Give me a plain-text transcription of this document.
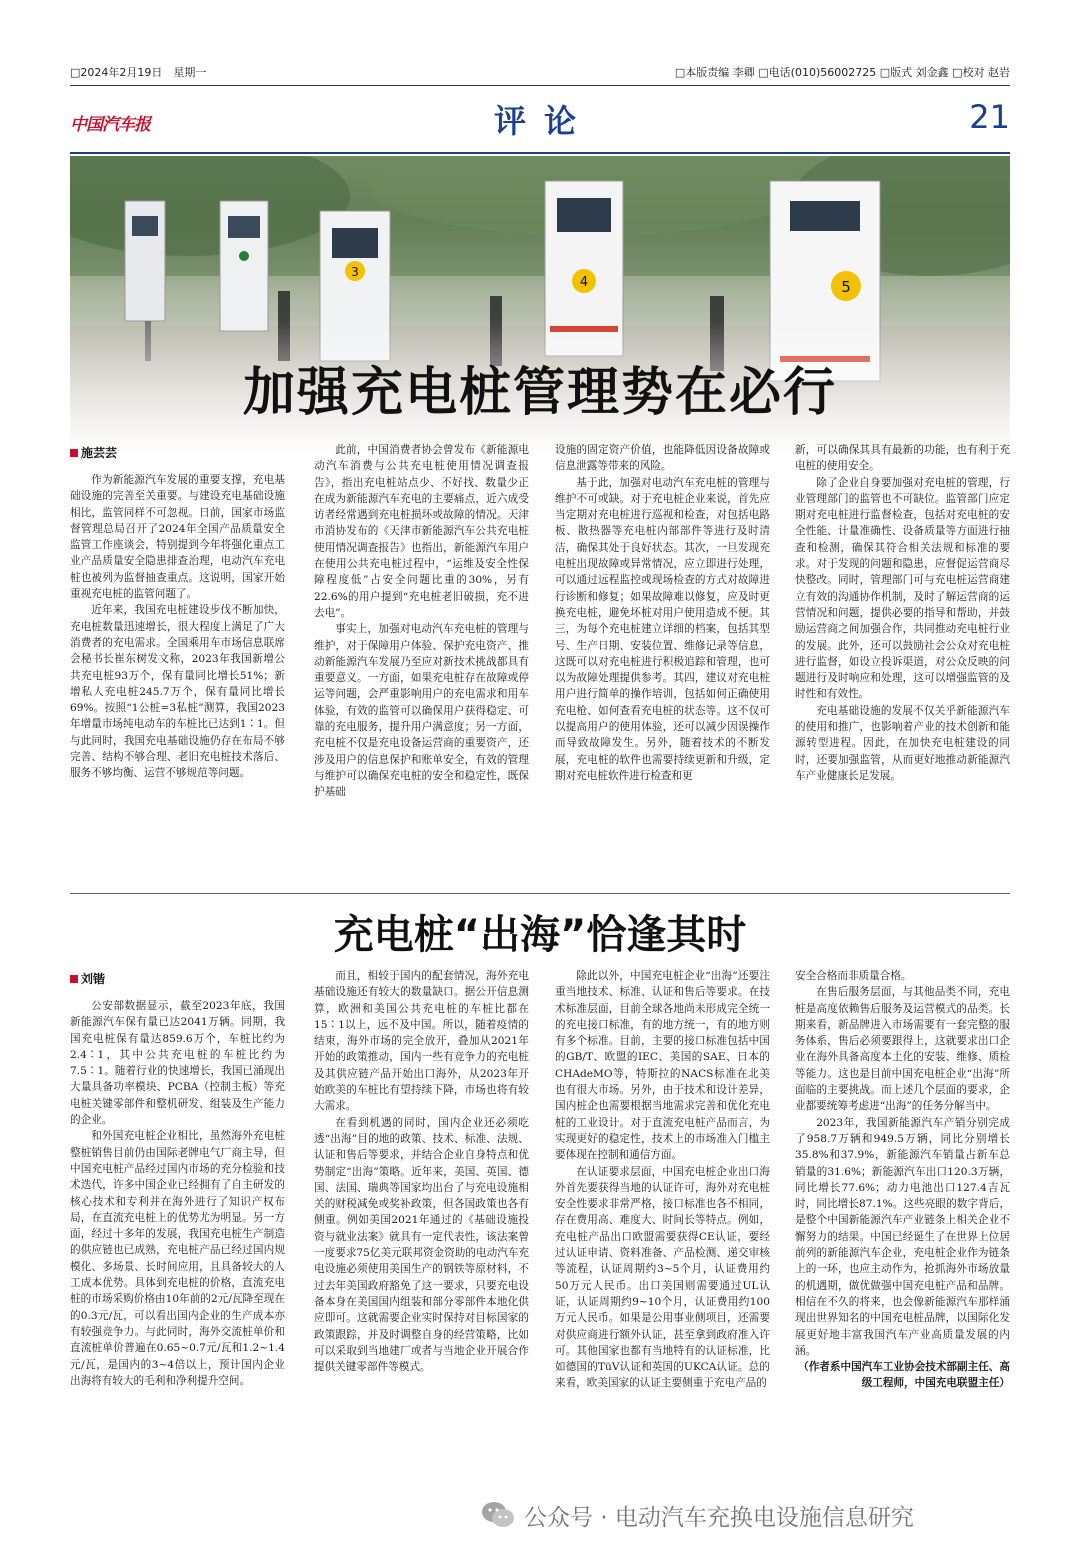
□2024年2月19日　星期一	□本版责编 李卿 □电话(010)56002725 □版式 刘金鑫 □校对 赵岩
中国汽车报	评论	21
加强充电桩管理势在必行
施芸芸

作为新能源汽车发展的重要支撑，充电基础设施的完善至关重要。与建设充电基础设施相比，监管同样不可忽视。日前，国家市场监督管理总局召开了2024年全国产品质量安全监管工作座谈会，特别提到今年将强化重点工业产品质量安全隐患排查治理，电动汽车充电桩也被列为监督抽查重点。这说明，国家开始重视充电桩的监管问题了。

近年来，我国充电桩建设步伐不断加快，充电桩数量迅速增长，很大程度上满足了广大消费者的充电需求。全国乘用车市场信息联席会秘书长崔东树发文称，2023年我国新增公共充电桩93万个，保有量同比增长51%；新增私人充电桩245.7万个，保有量同比增长69%。按照“1公桩=3私桩”测算，我国2023年增量市场纯电动车的车桩比已达到1∶1。但与此同时，我国充电基础设施仍存在布局不够完善、结构不够合理、老旧充电桩技术落后、服务不够均衡、运营不够规范等问题。

此前，中国消费者协会曾发布《新能源电动汽车消费与公共充电桩使用情况调查报告》，指出充电桩站点少、不好找、数量少正在成为新能源汽车充电的主要痛点，近六成受访者经常遇到充电桩损坏或故障的情况。天津市消协发布的《天津市新能源汽车公共充电桩使用情况调查报告》也指出，新能源汽车用户在使用公共充电桩过程中，“运维及安全性保障程度低”占安全问题比重的30%，另有22.6%的用户提到“充电桩老旧破损，充不进去电”。

事实上，加强对电动汽车充电桩的管理与维护，对于保障用户体验、保护充电资产、推动新能源汽车发展乃至应对新技术挑战都具有重要意义。一方面，如果充电桩存在故障或停运等问题，会严重影响用户的充电需求和用车体验，有效的监管可以确保用户获得稳定、可靠的充电服务，提升用户满意度；另一方面，充电桩不仅是充电设备运营商的重要资产，还涉及用户的信息保护和账单安全，有效的管理与维护可以确保充电桩的安全和稳定性，既保护基础

设施的固定资产价值，也能降低因设备故障或信息泄露等带来的风险。

基于此，加强对电动汽车充电桩的管理与维护不可或缺。对于充电桩企业来说，首先应当定期对充电桩进行巡视和检查，对包括电路板、散热器等充电桩内部部件等进行及时清洁，确保其处于良好状态。其次，一旦发现充电桩出现故障或异常情况，应立即进行处理，可以通过远程监控或现场检查的方式对故障进行诊断和修复；如果故障难以修复，应及时更换充电桩，避免坏桩对用户使用造成不便。其三，为每个充电桩建立详细的档案，包括其型号、生产日期、安装位置、维修记录等信息，这既可以对充电桩进行积极追踪和管理，也可以为故障处理提供参考。其四，建议对充电桩用户进行简单的操作培训，包括如何正确使用充电枪、如何查看充电桩的状态等。这不仅可以提高用户的使用体验，还可以减少因误操作而导致故障发生。另外，随着技术的不断发展，充电桩的软件也需要持续更新和升级，定期对充电桩软件进行检查和更

新，可以确保其具有最新的功能，也有利于充电桩的使用安全。

除了企业自身要加强对充电桩的管理，行业管理部门的监管也不可缺位。监管部门应定期对充电桩进行监督检查，包括对充电桩的安全性能、计量准确性、设备质量等方面进行抽查和检测，确保其符合相关法规和标准的要求。对于发现的问题和隐患，应督促运营商尽快整改。同时，管理部门可与充电桩运营商建立有效的沟通协作机制，及时了解运营商的运营情况和问题，提供必要的指导和帮助，并鼓励运营商之间加强合作，共同推动充电桩行业的发展。此外，还可以鼓励社会公众对充电桩进行监督，如设立投诉渠道，对公众反映的问题进行及时响应和处理，这可以增强监管的及时性和有效性。

充电基础设施的发展不仅关乎新能源汽车的使用和推广，也影响着产业的技术创新和能源转型进程。因此，在加快充电桩建设的同时，还要加强监管，从而更好地推动新能源汽车产业健康长足发展。

充电桩“出海”恰逢其时
刘锴

公安部数据显示，截至2023年底，我国新能源汽车保有量已达2041万辆。同期，我国充电桩保有量达859.6万个，车桩比约为2.4∶1，其中公共充电桩的车桩比约为7.5∶1。随着行业的快速增长，我国已涌现出大量具备功率模块、PCBA（控制主板）等充电桩关键零部件和整机研发、组装及生产能力的企业。

和外国充电桩企业相比，虽然海外充电桩整桩销售目前仍由国际老牌电气厂商主导，但中国充电桩产品经过国内市场的充分检验和技术迭代，许多中国企业已经拥有了自主研发的核心技术和专利并在海外进行了知识产权布局，在直流充电桩上的优势尤为明显。另一方面，经过十多年的发展，我国充电桩生产制造的供应链也已成熟，充电桩产品已经过国内规模化、多场景、长时间应用，且具备较大的人工成本优势。具体到充电桩的价格，直流充电桩的市场采购价格由10年前的2元/瓦降至现在的0.3元/瓦，可以看出国内企业的生产成本亦有较强竞争力。与此同时，海外交流桩单价和直流桩单价普遍在0.65~0.7元/瓦和1.2~1.4元/瓦，是国内的3~4倍以上，预计国内企业出海将有较大的毛利和净利提升空间。

而且，相较于国内的配套情况，海外充电基础设施还有较大的数量缺口。据公开信息测算，欧洲和美国公共充电桩的车桩比都在15∶1以上，远不及中国。所以，随着疫情的结束，海外市场的完全放开，叠加从2021年开始的政策推动，国内一些有竞争力的充电桩及其供应链产品开始出口海外，从2023年开始欧美的车桩比有望持续下降，市场也将有较大需求。

在看到机遇的同时，国内企业还必须吃透“出海”目的地的政策、技术、标准、法规、认证和售后等要求，并结合企业自身特点和优势制定“出海”策略。近年来，美国、英国、德国、法国、瑞典等国家均出台了与充电设施相关的财税减免或奖补政策，但各国政策也各有侧重。例如美国2021年通过的《基础设施投资与就业法案》就具有一定代表性，该法案曾一度要求75亿美元联邦资金资助的电动汽车充电设施必须使用美国生产的钢铁等原材料，不过去年美国政府豁免了这一要求，只要充电设备本身在美国国内组装和部分零部件本地化供应即可。这就需要企业实时保持对目标国家的政策跟踪，并及时调整自身的经营策略，比如可以采取到当地建厂或者与当地企业开展合作提供关键零部件等模式。

除此以外，中国充电桩企业“出海”还要注重当地技术、标准、认证和售后等要求。在技术标准层面，目前全球各地尚未形成完全统一的充电接口标准，有的地方统一，有的地方则有多个标准。目前，主要的接口标准包括中国的GB/T、欧盟的IEC、美国的SAE、日本的CHAdeMO等，特斯拉的NACS标准在北美也有很大市场。另外，由于技术和设计差异，国内桩企也需要根据当地需求完善和优化充电桩的工业设计。对于直流充电桩产品而言，为实现更好的稳定性，技术上的市场准入门槛主要体现在控制和通信方面。

在认证要求层面，中国充电桩企业出口海外首先要获得当地的认证许可，海外对充电桩安全性要求非常严格，接口标准也各不相同，存在费用高、难度大、时间长等特点。例如，充电桩产品出口欧盟需要获得CE认证，要经过认证申请、资料准备、产品检测、递交审核等流程，认证周期约3~5个月，认证费用约50万元人民币。出口美国则需要通过UL认证，认证周期约9~10个月，认证费用约100万元人民币。如果是公用事业侧项目，还需要对供应商进行额外认证，甚至拿到政府准入许可。其他国家也都有当地特有的认证标准，比如德国的TüV认证和英国的UKCA认证。总的来看，欧美国家的认证主要侧重于充电产品的

安全合格而非质量合格。

在售后服务层面，与其他品类不同，充电桩是高度依赖售后服务及运营模式的品类。长期来看，新品牌进入市场需要有一套完整的服务体系，售后必须要跟得上，这就要求出口企业在海外具备高度本土化的安装、维修、质检等能力。这也是目前中国充电桩企业“出海”所面临的主要挑战。而上述几个层面的要求，企业都要统筹考虑进“出海”的任务分解当中。

2023年，我国新能源汽车产销分别完成了958.7万辆和949.5万辆，同比分别增长35.8%和37.9%，新能源汽车销量占新车总销量的31.6%；新能源汽车出口120.3万辆，同比增长77.6%；动力电池出口127.4吉瓦时，同比增长87.1%。这些亮眼的数字背后，是整个中国新能源汽车产业链条上相关企业不懈努力的结果。中国已经诞生了在世界上位居前列的新能源汽车企业，充电桩企业作为链条上的一环，也应主动作为，抢抓海外市场放量的机遇期，做优做强中国充电桩产品和品牌。相信在不久的将来，也会像新能源汽车那样涌现出世界知名的中国充电桩品牌，以国际化发展更好地丰富我国汽车产业高质量发展的内涵。

（作者系中国汽车工业协会技术部副主任、高级工程师，中国充电联盟主任）

公众号 · 电动汽车充换电设施信息研究
